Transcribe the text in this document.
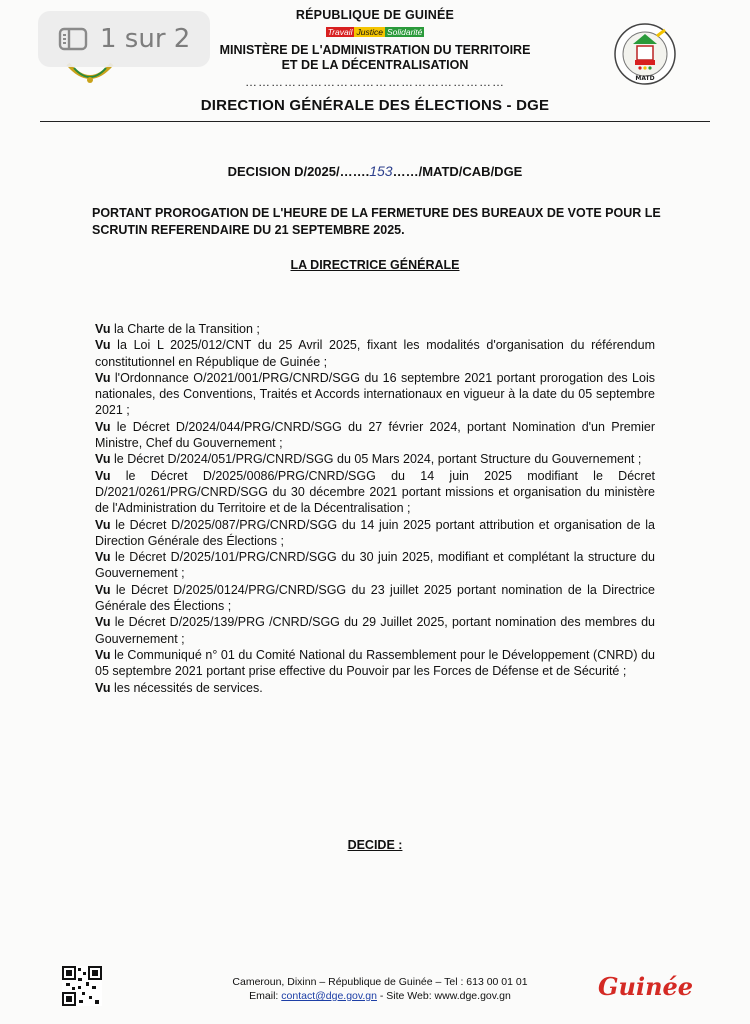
1 sur 2
MATD
RÉPUBLIQUE DE GUINÉE
Travail Justice Solidarité
MINISTÈRE DE L'ADMINISTRATION DU TERRITOIRE
ET DE LA DÉCENTRALISATION
……………………………………………………
DIRECTION GÉNÉRALE DES ÉLECTIONS - DGE
DECISION D/2025/…….153……/MATD/CAB/DGE
PORTANT PROROGATION DE L'HEURE DE LA FERMETURE DES BUREAUX DE VOTE POUR LE SCRUTIN REFERENDAIRE DU 21 SEPTEMBRE 2025.
LA DIRECTRICE GÉNÉRALE

Vu la Charte de la Transition ;

Vu la Loi L 2025/012/CNT du 25 Avril 2025, fixant les modalités d'organisation du référendum constitutionnel en République de Guinée ;

Vu l'Ordonnance O/2021/001/PRG/CNRD/SGG du 16 septembre 2021 portant prorogation des Lois nationales, des Conventions, Traités et Accords internationaux en vigueur à la date du 05 septembre 2021 ;

Vu le Décret D/2024/044/PRG/CNRD/SGG du 27 février 2024, portant Nomination d'un Premier Ministre, Chef du Gouvernement ;

Vu le Décret D/2024/051/PRG/CNRD/SGG du 05 Mars 2024, portant Structure du Gouvernement ;

Vu le Décret D/2025/0086/PRG/CNRD/SGG du 14 juin 2025 modifiant le Décret D/2021/0261/PRG/CNRD/SGG du 30 décembre 2021 portant missions et organisation du ministère de l'Administration du Territoire et de la Décentralisation ;

Vu le Décret D/2025/087/PRG/CNRD/SGG du 14 juin 2025 portant attribution et organisation de la Direction Générale des Élections ;

Vu le Décret D/2025/101/PRG/CNRD/SGG du 30 juin 2025, modifiant et complétant la structure du Gouvernement ;

Vu le Décret D/2025/0124/PRG/CNRD/SGG du 23 juillet 2025 portant nomination de la Directrice Générale des Élections ;

Vu le Décret D/2025/139/PRG /CNRD/SGG du 29 Juillet 2025, portant nomination des membres du Gouvernement ;

Vu le Communiqué n° 01 du Comité National du Rassemblement pour le Développement (CNRD) du 05 septembre 2021 portant prise effective du Pouvoir par les Forces de Défense et de Sécurité ;

Vu les nécessités de services.

DECIDE :
Cameroun, Dixinn – République de Guinée – Tel : 613 00 01 01
Email: contact@dge.gov.gn - Site Web: www.dge.gov.gn	Guinée
